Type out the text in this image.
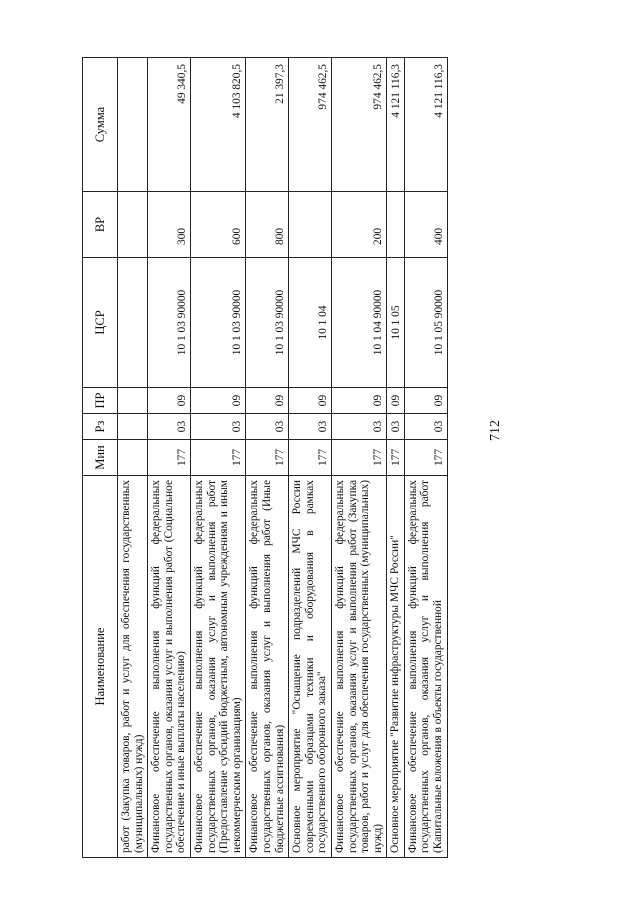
712
Наименование	Мин	Рз	ПР	ЦСР	ВР	Сумма
работ (Закупка товаров, работ и услуг для обеспечения государственных (муниципальных) нужд)						
Финансовое обеспечение выполнения функций федеральных государственных органов, оказания услуг и выполнения работ (Социальное обеспечение и иные выплаты населению)	177	03	09	10 1 03 90000	300	49 340,5
Финансовое обеспечение выполнения функций федеральных государственных органов, оказания услуг и выполнения работ (Предоставление субсидий бюджетным, автономным учреждениям и иным некоммерческим организациям)	177	03	09	10 1 03 90000	600	4 103 820,5
Финансовое обеспечение выполнения функций федеральных государственных органов, оказания услуг и выполнения работ (Иные бюджетные ассигнования)	177	03	09	10 1 03 90000	800	21 397,3
Основное мероприятие "Оснащение подразделений МЧС России современными образцами техники и оборудования в рамках государственного оборонного заказа"	177	03	09	10 1 04		974 462,5
Финансовое обеспечение выполнения функций федеральных государственных органов, оказания услуг и выполнения работ (Закупка товаров, работ и услуг для обеспечения государственных (муниципальных) нужд)	177	03	09	10 1 04 90000	200	974 462,5
Основное мероприятие "Развитие инфраструктуры МЧС России"	177	03	09	10 1 05		4 121 116,3
Финансовое обеспечение выполнения функций федеральных государственных органов, оказания услуг и выполнения работ (Капитальные вложения в объекты государственной	177	03	09	10 1 05 90000	400	4 121 116,3
